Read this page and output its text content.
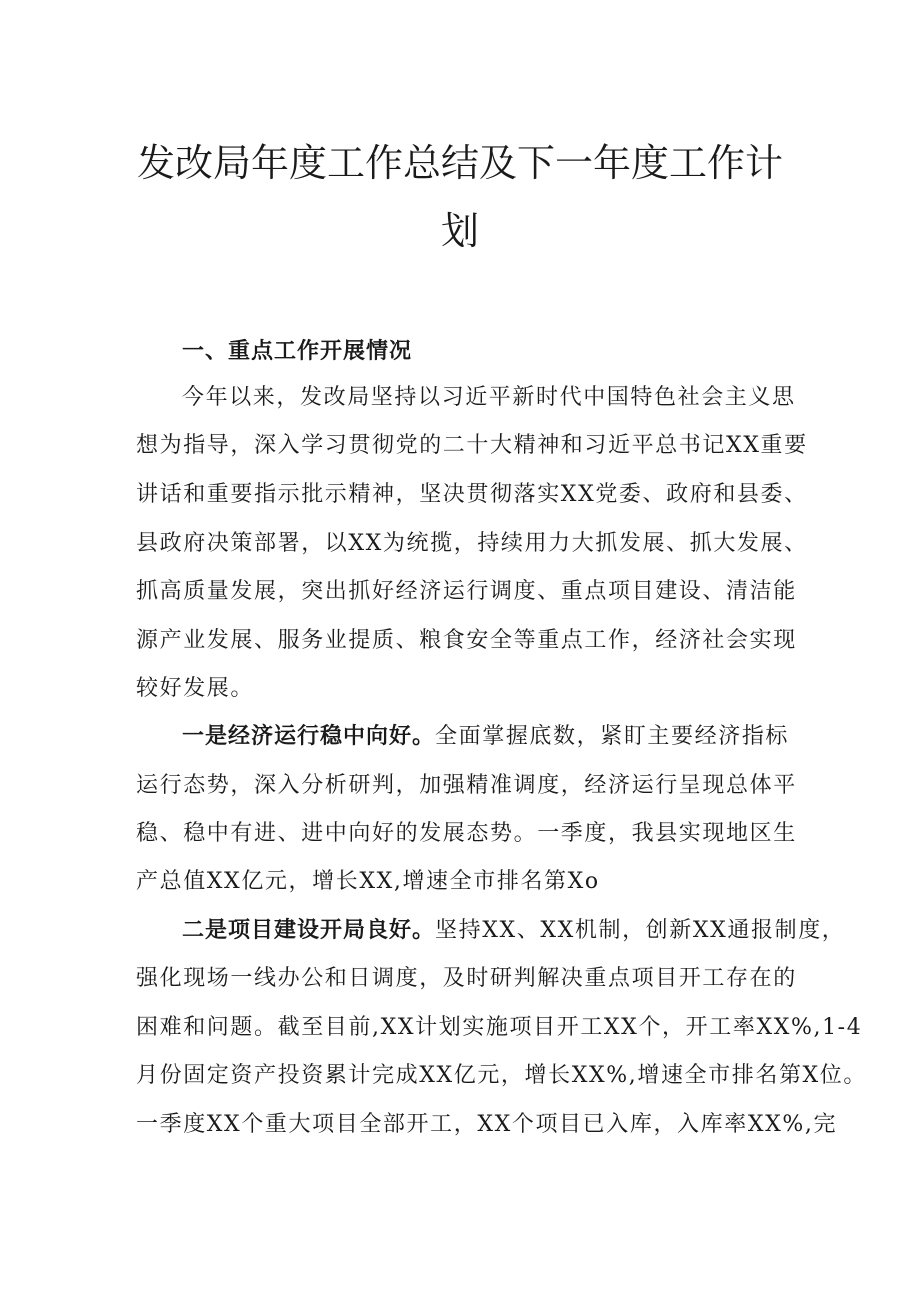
发改局年度工作总结及下一年度工作计
划
一、重点工作开展情况
今年以来，发改局坚持以习近平新时代中国特色社会主义思
想为指导，深入学习贯彻党的二十大精神和习近平总书记XX重要
讲话和重要指示批示精神，坚决贯彻落实XX党委、政府和县委、
县政府决策部署，以XX为统揽，持续用力大抓发展、抓大发展、
抓高质量发展，突出抓好经济运行调度、重点项目建设、清洁能
源产业发展、服务业提质、粮食安全等重点工作，经济社会实现
较好发展。
一是经济运行稳中向好。全面掌握底数，紧盯主要经济指标
运行态势，深入分析研判，加强精准调度，经济运行呈现总体平
稳、稳中有进、进中向好的发展态势。一季度，我县实现地区生
产总值XX亿元，增长XX,增速全市排名第Xo
二是项目建设开局良好。坚持XX、XX机制，创新XX通报制度，
强化现场一线办公和日调度，及时研判解决重点项目开工存在的
困难和问题。截至目前,XX计划实施项目开工XX个，开工率XX%,1-4
月份固定资产投资累计完成XX亿元，增长XX%,增速全市排名第X位。
一季度XX个重大项目全部开工，XX个项目已入库，入库率XX%,完
